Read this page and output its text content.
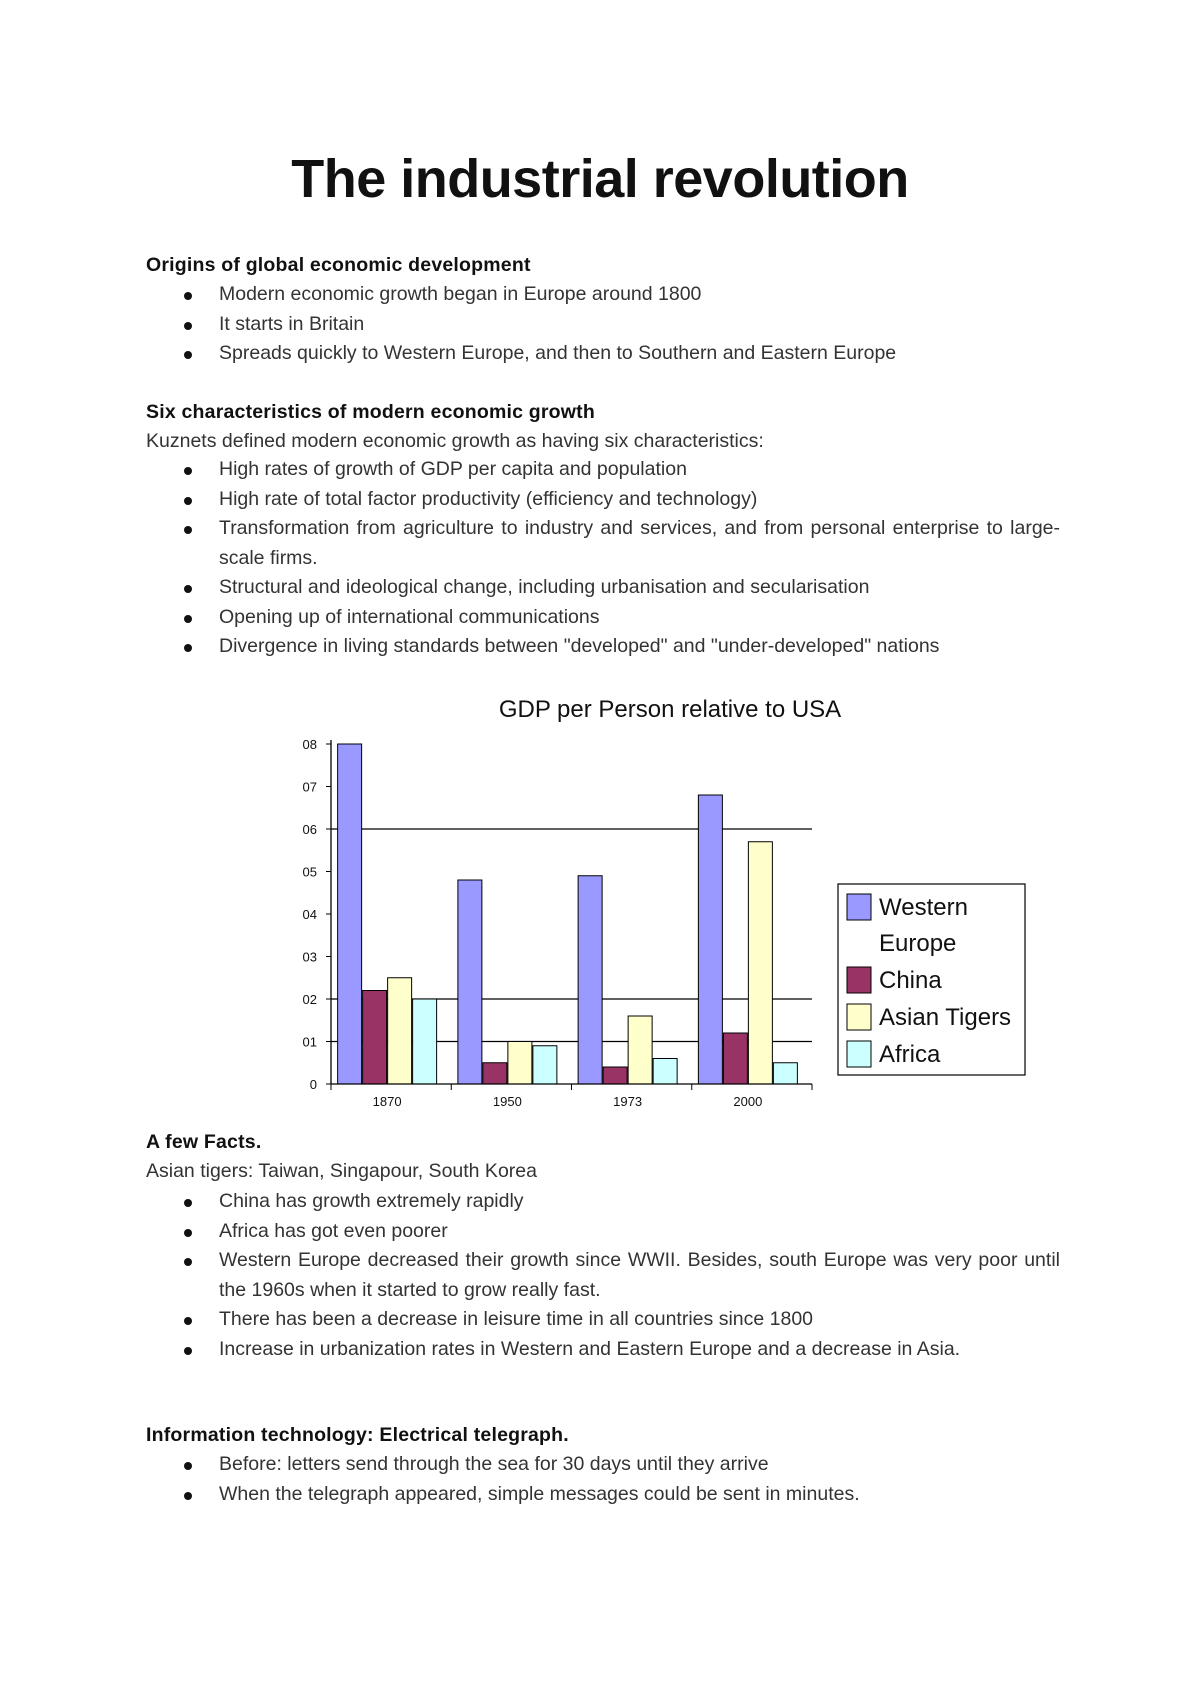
The industrial revolution
Origins of global economic development
Modern economic growth began in Europe around 1800
It starts in Britain
Spreads quickly to Western Europe, and then to Southern and Eastern Europe
Six characteristics of modern economic growth
Kuznets defined modern economic growth as having six characteristics:
High rates of growth of GDP per capita and population
High rate of total factor productivity (efficiency and technology)
Transformation from agriculture to industry and services, and from personal enterprise to large-scale firms.
Structural and ideological change, including urbanisation and secularisation
Opening up of international communications
Divergence in living standards between "developed" and "under-developed" nations
GDP per Person relative to USA
0
01
02
03
04
05
06
07
08
1870	1950	1973	2000
Western
Europe
China
Asian Tigers
Africa
A few Facts.
Asian tigers: Taiwan, Singapour, South Korea
China has growth extremely rapidly
Africa has got even poorer
Western Europe decreased their growth since WWII. Besides, south Europe was very poor until the 1960s when it started to grow really fast.
There has been a decrease in leisure time in all countries since 1800
Increase in urbanization rates in Western and Eastern Europe and a decrease in Asia.
Information technology: Electrical telegraph.
Before: letters send through the sea for 30 days until they arrive
When the telegraph appeared, simple messages could be sent in minutes.
